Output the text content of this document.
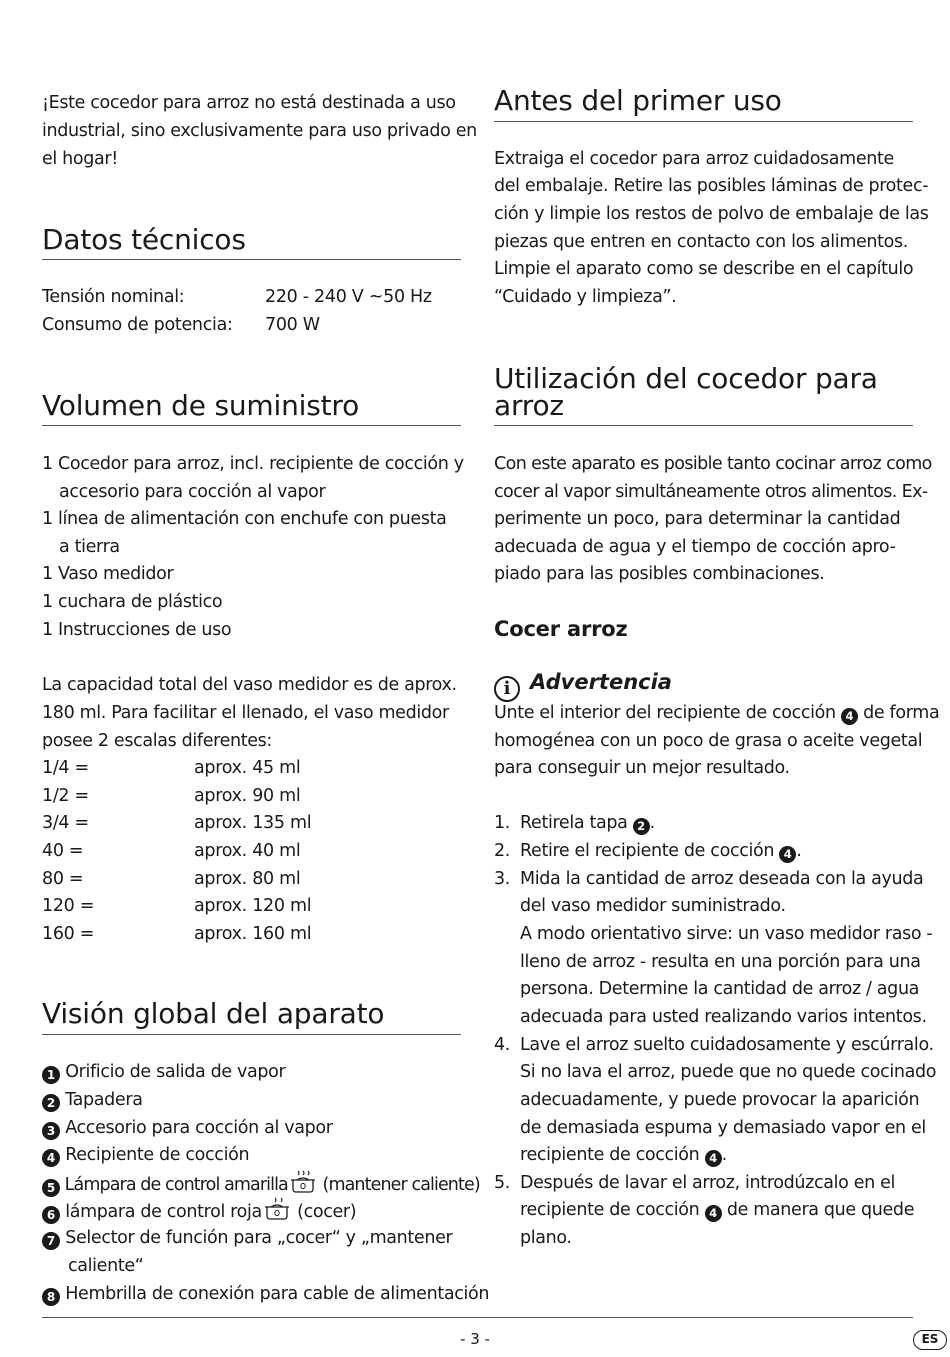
¡Este cocedor para arroz no está destinada a uso
industrial, sino exclusivamente para uso privado en
el hogar!
Datos técnicos
Tensión nominal:	220 - 240 V ~50 Hz
Consumo de potencia: 700 W
Volumen de suministro
1 Cocedor para arroz, incl. recipiente de cocción y
accesorio para cocción al vapor
1 línea de alimentación con enchufe con puesta
a tierra
1 Vaso medidor
1 cuchara de plástico
1 Instrucciones de uso
La capacidad total del vaso medidor es de aprox.
180 ml. Para facilitar el llenado, el vaso medidor
posee 2 escalas diferentes:
1/4 =	aprox. 45 ml
1/2 =	aprox. 90 ml
3/4 =	aprox. 135 ml
40 =	aprox. 40 ml
80 =	aprox. 80 ml
120 =	aprox. 120 ml
160 =	aprox. 160 ml
Visión global del aparato
1 Orificio de salida de vapor
2 Tapadera
3 Accesorio para cocción al vapor
4 Recipiente de cocción
5 Lámpara de control amarilla (mantener caliente)
6 lámpara de control roja (cocer)
7 Selector de función para „cocer“ y „mantener
caliente“
8 Hembrilla de conexión para cable de alimentación
Antes del primer uso
Extraiga el cocedor para arroz cuidadosamente
del embalaje. Retire las posibles láminas de protec-
ción y limpie los restos de polvo de embalaje de las
piezas que entren en contacto con los alimentos.
Limpie el aparato como se describe en el capítulo
“Cuidado y limpieza”.
Utilización del cocedor para
arroz
Con este aparato es posible tanto cocinar arroz como
cocer al vapor simultáneamente otros alimentos. Ex-
perimente un poco, para determinar la cantidad
adecuada de agua y el tiempo de cocción apro-
piado para las posibles combinaciones.
Cocer arroz
i Advertencia
Unte el interior del recipiente de cocción 4 de forma
homogénea con un poco de grasa o aceite vegetal
para conseguir un mejor resultado.
1. Retirela tapa 2 .
2. Retire el recipiente de cocción 4 .
3. Mida la cantidad de arroz deseada con la ayuda
del vaso medidor suministrado.
A modo orientativo sirve: un vaso medidor raso -
lleno de arroz - resulta en una porción para una
persona. Determine la cantidad de arroz / agua
adecuada para usted realizando varios intentos.
4. Lave el arroz suelto cuidadosamente y escúrralo.
Si no lava el arroz, puede que no quede cocinado
adecuadamente, y puede provocar la aparición
de demasiada espuma y demasiado vapor en el
recipiente de cocción 4 .
5. Después de lavar el arroz, introdúzcalo en el
recipiente de cocción 4 de manera que quede
plano.
- 3 -	ES
